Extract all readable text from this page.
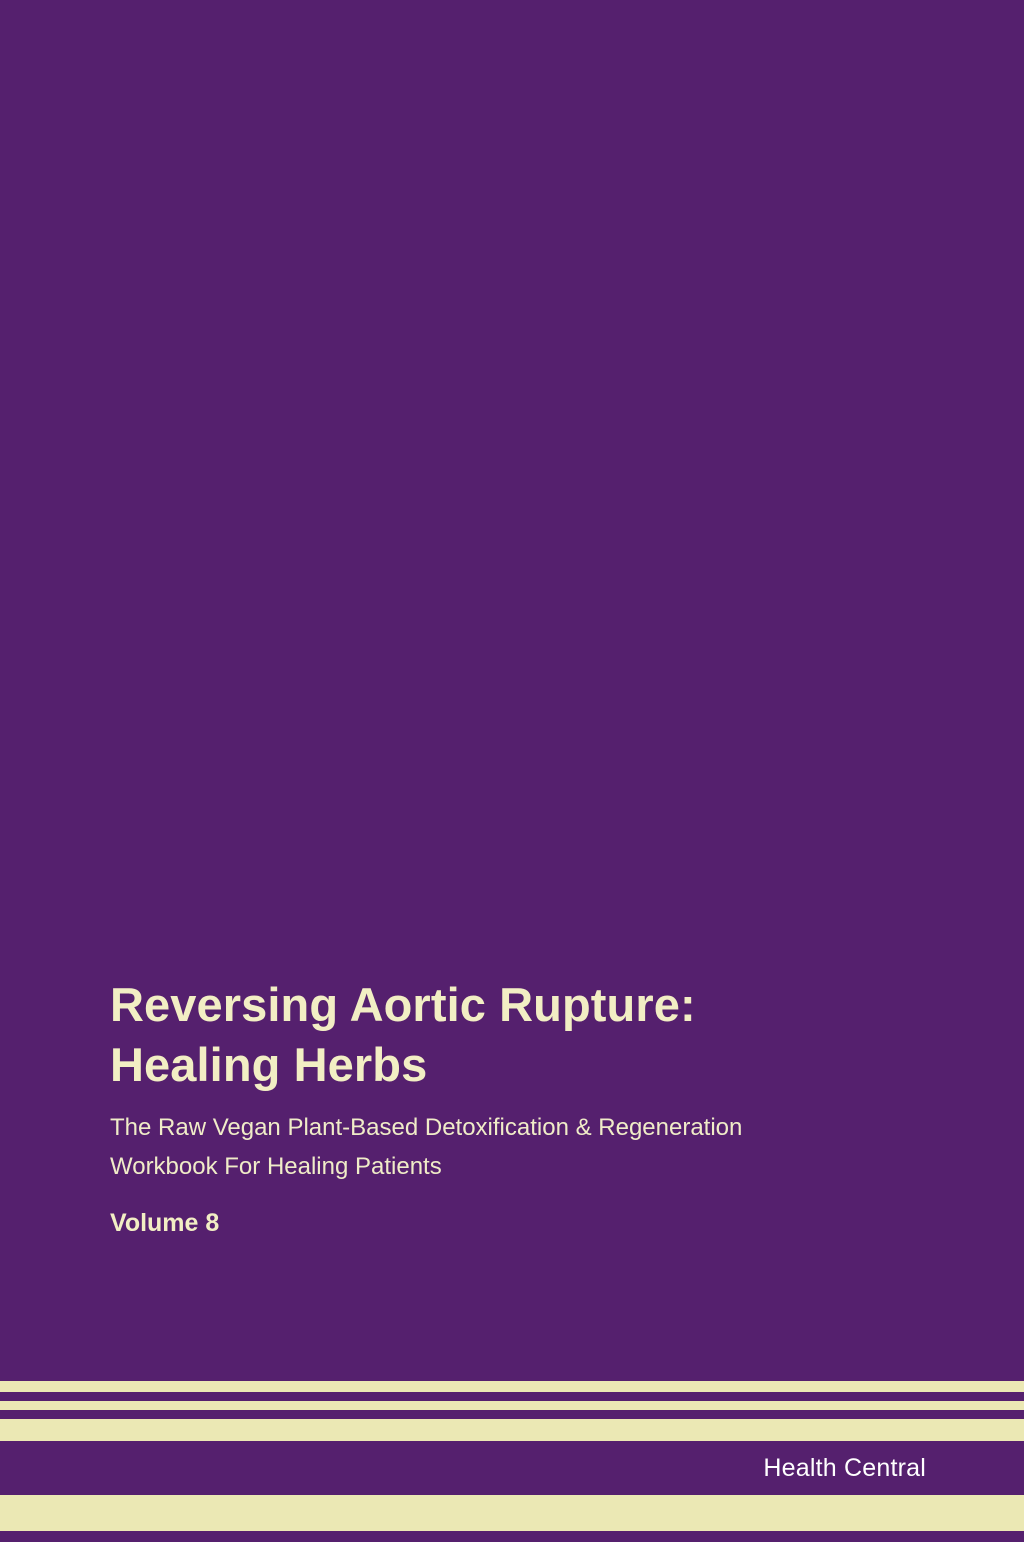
Reversing Aortic Rupture:
Healing Herbs

The Raw Vegan Plant-Based Detoxification & Regeneration
Workbook For Healing Patients

Volume 8

Health Central
